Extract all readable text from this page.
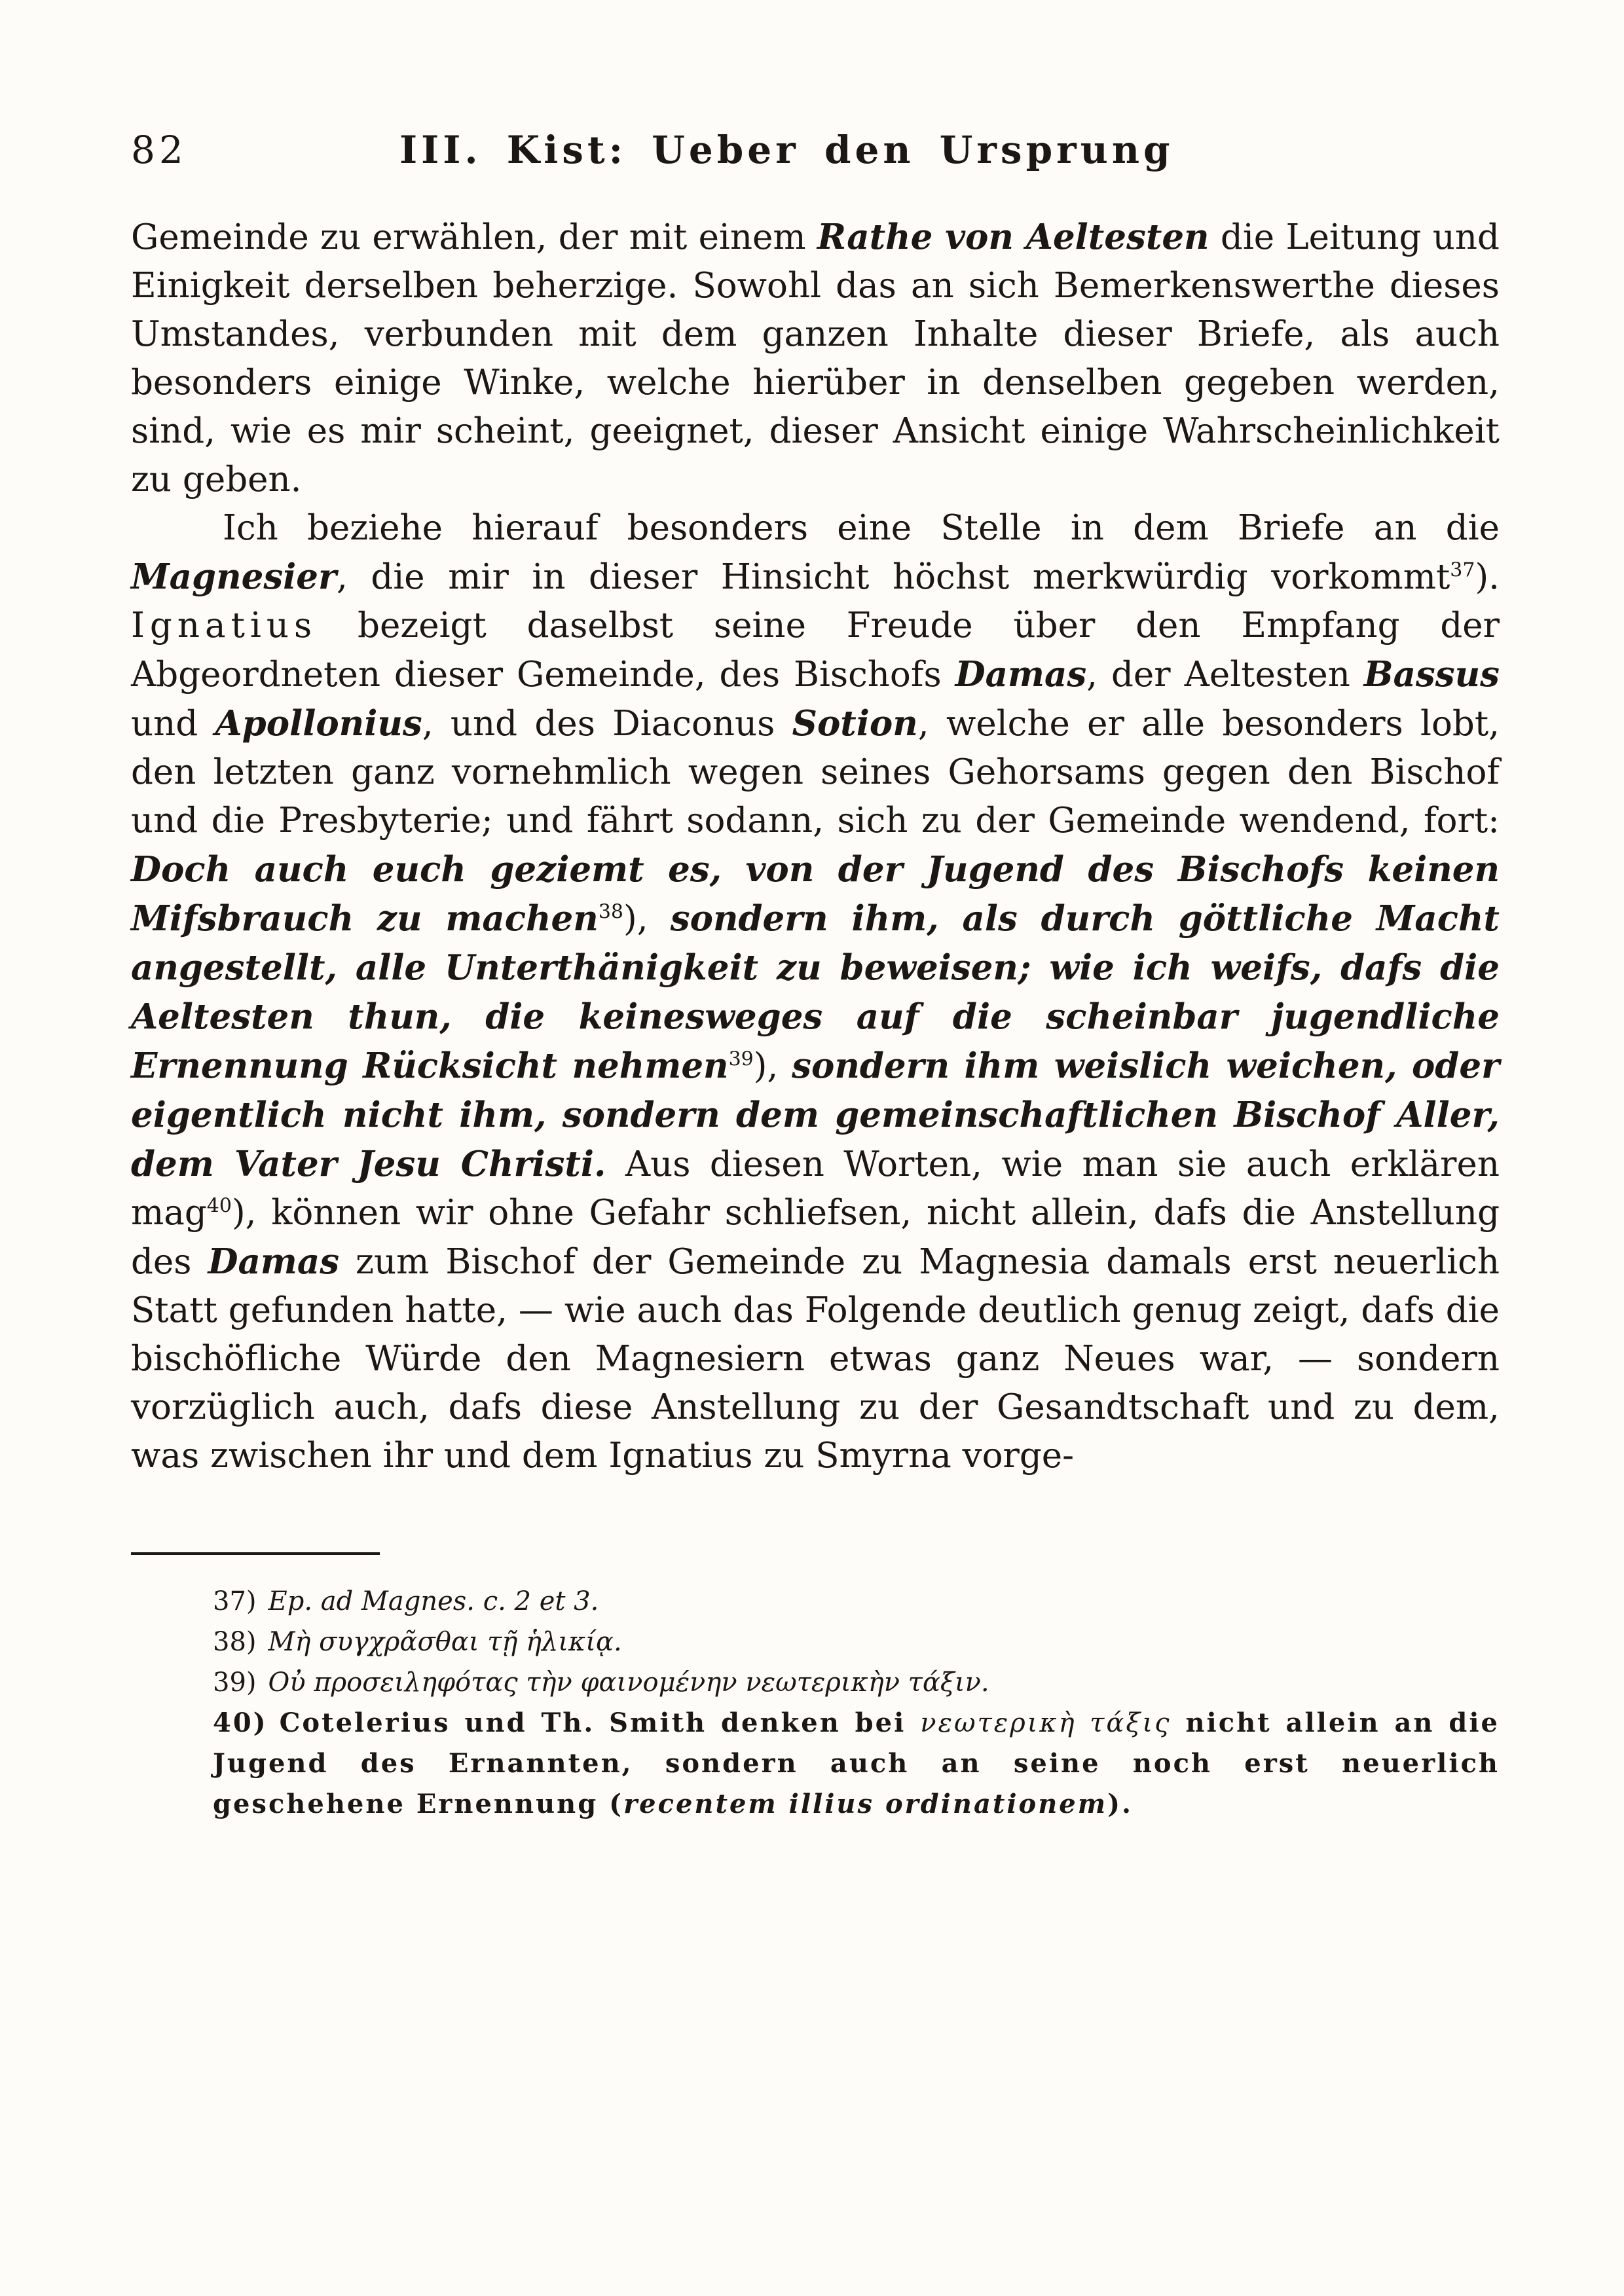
82	III. Kist: Ueber den Ursprung

Gemeinde zu erwählen, der mit einem Rathe von Aeltesten die Leitung und Einigkeit derselben beherzige. Sowohl das an sich Bemerkenswerthe dieses Umstandes, verbunden mit dem ganzen Inhalte dieser Briefe, als auch besonders einige Winke, welche hierüber in denselben gegeben werden, sind, wie es mir scheint, geeignet, dieser Ansicht einige Wahrscheinlichkeit zu geben.

Ich beziehe hierauf besonders eine Stelle in dem Briefe an die Magnesier, die mir in dieser Hinsicht höchst merkwürdig vorkommt$^{37}$). Ignatius bezeigt daselbst seine Freude über den Empfang der Abgeordneten dieser Gemeinde, des Bischofs Damas, der Aeltesten Bassus und Apollonius, und des Diaconus Sotion, welche er alle besonders lobt, den letzten ganz vornehmlich wegen seines Gehorsams gegen den Bischof und die Presbyterie; und fährt sodann, sich zu der Gemeinde wendend, fort: Doch auch euch geziemt es, von der Jugend des Bischofs keinen Mifsbrauch zu machen$^{38}$), sondern ihm, als durch göttliche Macht angestellt, alle Unterthänigkeit zu beweisen; wie ich weifs, dafs die Aeltesten thun, die keinesweges auf die scheinbar jugendliche Ernennung Rücksicht nehmen$^{39}$), sondern ihm weislich weichen, oder eigentlich nicht ihm, sondern dem gemeinschaftlichen Bischof Aller, dem Vater Jesu Christi. Aus diesen Worten, wie man sie auch erklären mag$^{40}$), können wir ohne Gefahr schliefsen, nicht allein, dafs die Anstellung des Damas zum Bischof der Gemeinde zu Magnesia damals erst neuerlich Statt gefunden hatte, — wie auch das Folgende deutlich genug zeigt, dafs die bischöfliche Würde den Magnesiern etwas ganz Neues war, — sondern vorzüglich auch, dafs diese Anstellung zu der Gesandtschaft und zu dem, was zwischen ihr und dem Ignatius zu Smyrna vorge-

37) Ep. ad Magnes. c. 2 et 3.

38) Μὴ συγχρᾶσθαι τῇ ἡλικίᾳ.

39) Οὐ προσειληφότας τὴν φαινομένην νεωτερικὴν τάξιν.

40) Cotelerius und Th. Smith denken bei νεωτερικὴ τάξις nicht allein an die Jugend des Ernannten, sondern auch an seine noch erst neuerlich geschehene Ernennung (recentem illius ordinationem).
